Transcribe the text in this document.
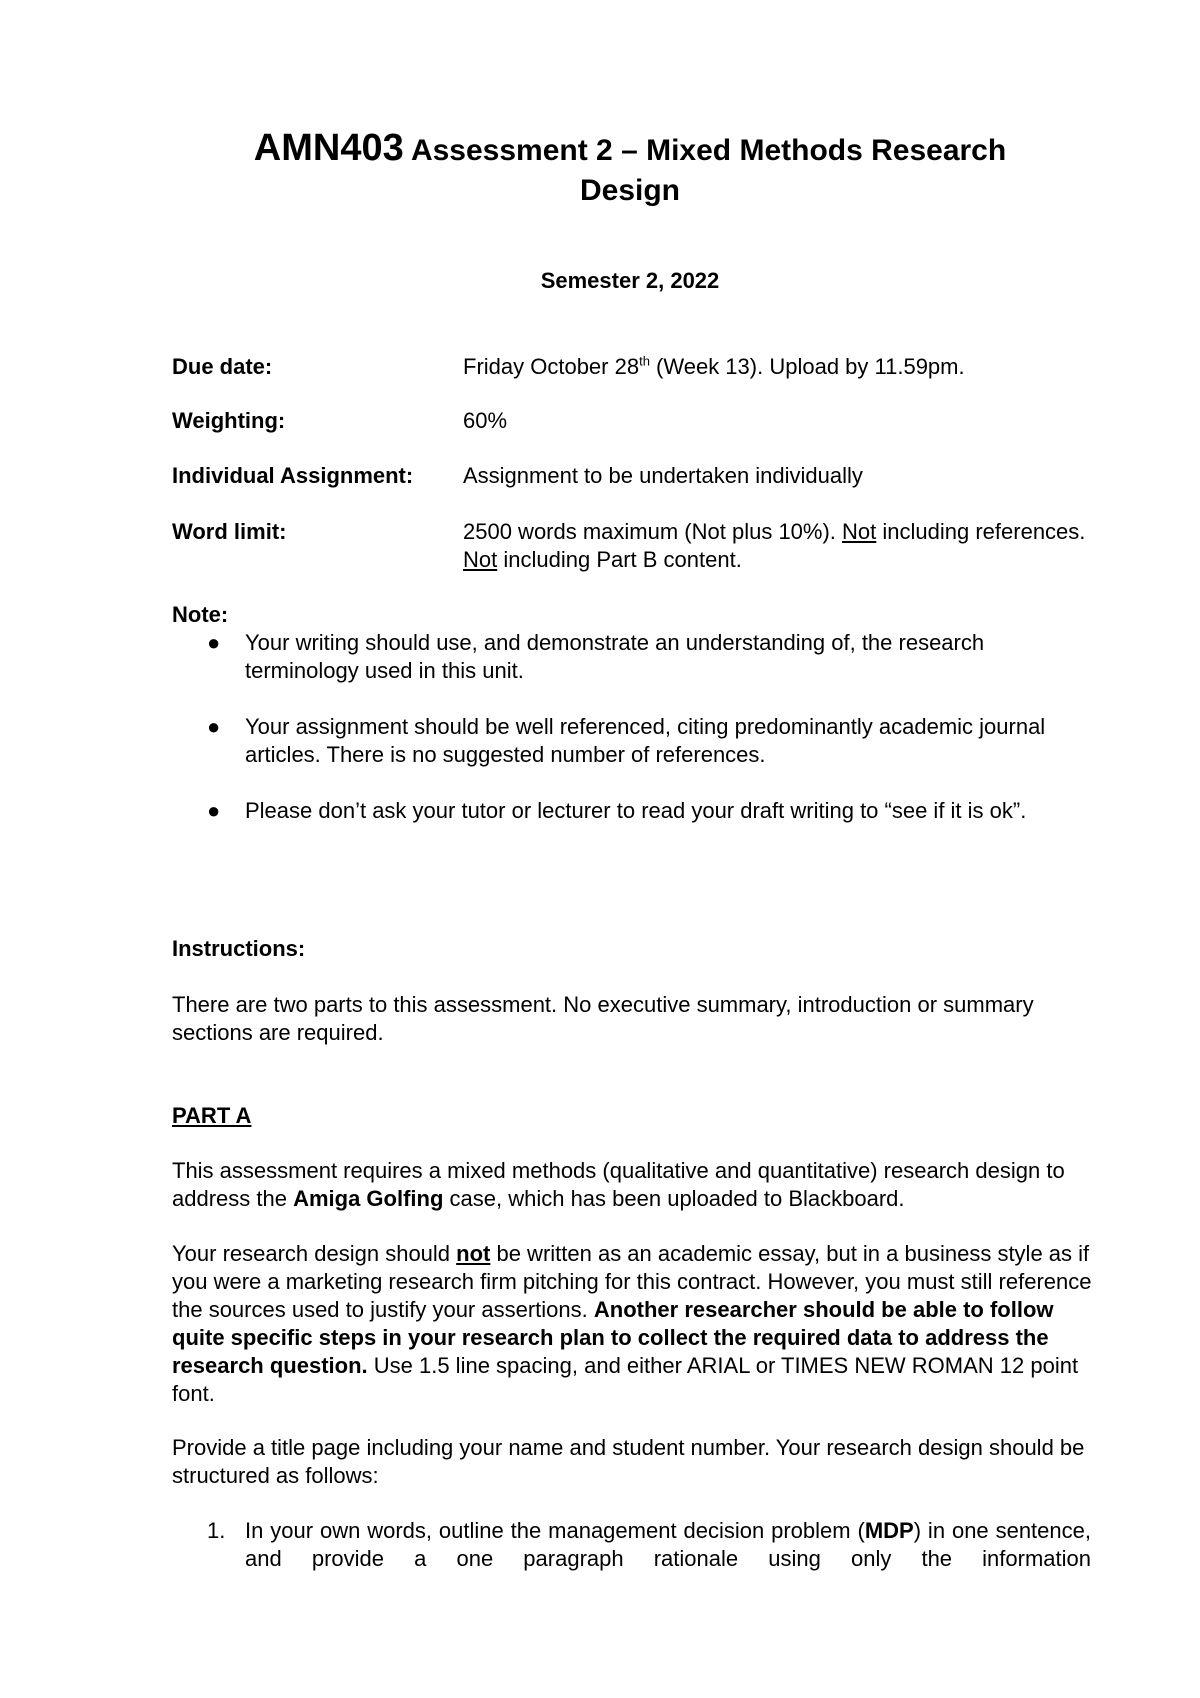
AMN403 Assessment 2 – Mixed Methods Research Design
Semester 2, 2022
Due date:	Friday October 28th (Week 13). Upload by 11.59pm.
Weighting:	60%
Individual Assignment: Assignment to be undertaken individually
Word limit:	2500 words maximum (Not plus 10%). Not including references. Not including Part B content.
Note:
● Your writing should use, and demonstrate an understanding of, the research terminology used in this unit.
● Your assignment should be well referenced, citing predominantly academic journal articles. There is no suggested number of references.
● Please don’t ask your tutor or lecturer to read your draft writing to “see if it is ok”.
Instructions:
There are two parts to this assessment. No executive summary, introduction or summary sections are required.
PART A
This assessment requires a mixed methods (qualitative and quantitative) research design to address the Amiga Golfing case, which has been uploaded to Blackboard.
Your research design should not be written as an academic essay, but in a business style as if you were a marketing research firm pitching for this contract. However, you must still reference the sources used to justify your assertions. Another researcher should be able to follow quite specific steps in your research plan to collect the required data to address the research question. Use 1.5 line spacing, and either ARIAL or TIMES NEW ROMAN 12 point font.
Provide a title page including your name and student number. Your research design should be structured as follows:
1. In your own words, outline the management decision problem (MDP) in one sentence, and provide a one paragraph rationale using only the information
